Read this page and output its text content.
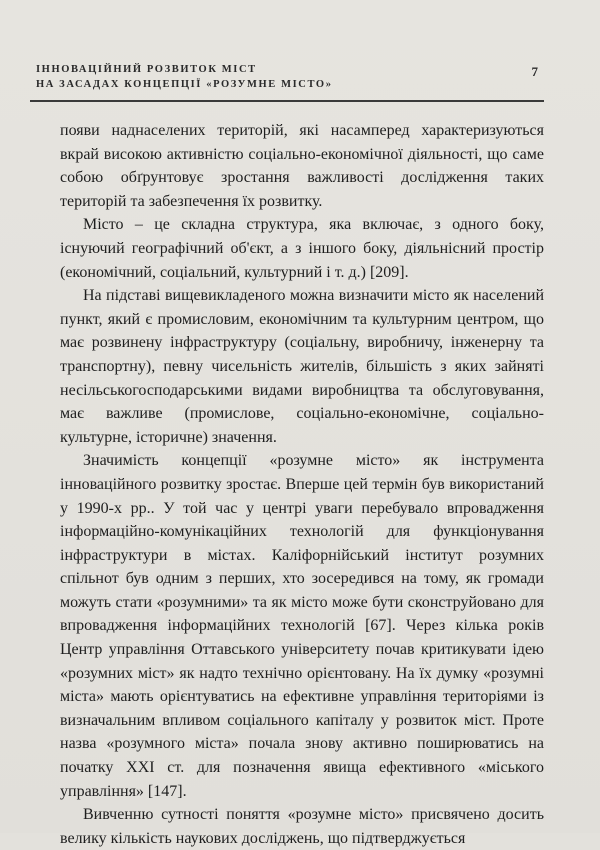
ІННОВАЦІЙНИЙ РОЗВИТОК МІСТ
НА ЗАСАДАХ КОНЦЕПЦІЇ «РОЗУМНЕ МІСТО»
7

появи наднаселених територій, які насамперед характеризуються вкрай високою активністю соціально-економічної діяльності, що саме собою обґрунтовує зростання важливості дослідження таких територій та забезпечення їх розвитку.

Місто – це складна структура, яка включає, з одного боку, існуючий географічний об'єкт, а з іншого боку, діяльнісний простір (економічний, соціальний, культурний і т. д.) [209].

На підставі вищевикладеного можна визначити місто як населений пункт, який є промисловим, економічним та культурним центром, що має розвинену інфраструктуру (соціальну, виробничу, інженерну та транспортну), певну чисельність жителів, більшість з яких зайняті несільськогосподарськими видами виробництва та обслуговування, має важливе (промислове, соціально-економічне, соціально-культурне, історичне) значення.

Значимість концепції «розумне місто» як інструмента інноваційного розвитку зростає. Вперше цей термін був використаний у 1990-х рр.. У той час у центрі уваги перебувало впровадження інформаційно-комунікаційних технологій для функціонування інфраструктури в містах. Каліфорнійський інститут розумних спільнот був одним з перших, хто зосередився на тому, як громади можуть стати «розумними» та як місто може бути сконструйовано для впровадження інформаційних технологій [67]. Через кілька років Центр управління Оттавського університету почав критикувати ідею «розумних міст» як надто технічно орієнтовану. На їх думку «розумні міста» мають орієнтуватись на ефективне управління територіями із визначальним впливом соціального капіталу у розвиток міст. Проте назва «розумного міста» почала знову активно поширюватись на початку XXI ст. для позначення явища ефективного «міського управління» [147].

Вивченню сутності поняття «розумне місто» присвячено досить велику кількість наукових досліджень, що підтверджується
